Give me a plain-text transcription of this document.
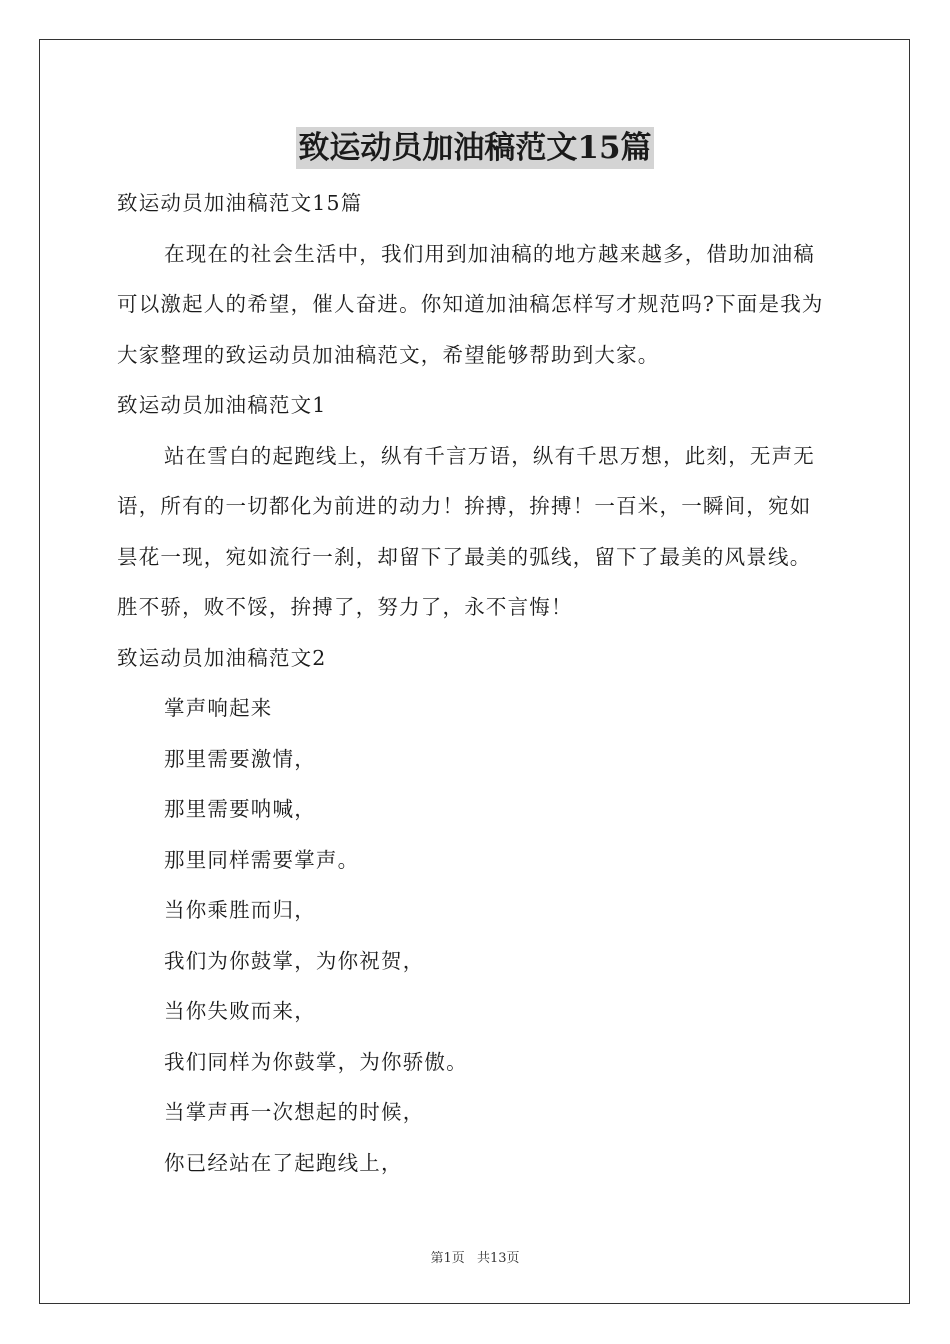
致运动员加油稿范文15篇

致运动员加油稿范文15篇

在现在的社会生活中，我们用到加油稿的地方越来越多，借助加油稿可以激起人的希望，催人奋进。你知道加油稿怎样写才规范吗?下面是我为大家整理的致运动员加油稿范文，希望能够帮助到大家。

致运动员加油稿范文1

站在雪白的起跑线上，纵有千言万语，纵有千思万想，此刻，无声无语，所有的一切都化为前进的动力！拚搏，拚搏！一百米，一瞬间，宛如昙花一现，宛如流行一刹，却留下了最美的弧线，留下了最美的风景线。胜不骄，败不馁，拚搏了，努力了，永不言悔！

致运动员加油稿范文2

掌声响起来

那里需要激情，

那里需要呐喊，

那里同样需要掌声。

当你乘胜而归，

我们为你鼓掌，为你祝贺，

当你失败而来，

我们同样为你鼓掌，为你骄傲。

当掌声再一次想起的时候，

你已经站在了起跑线上，

第1页 共13页
